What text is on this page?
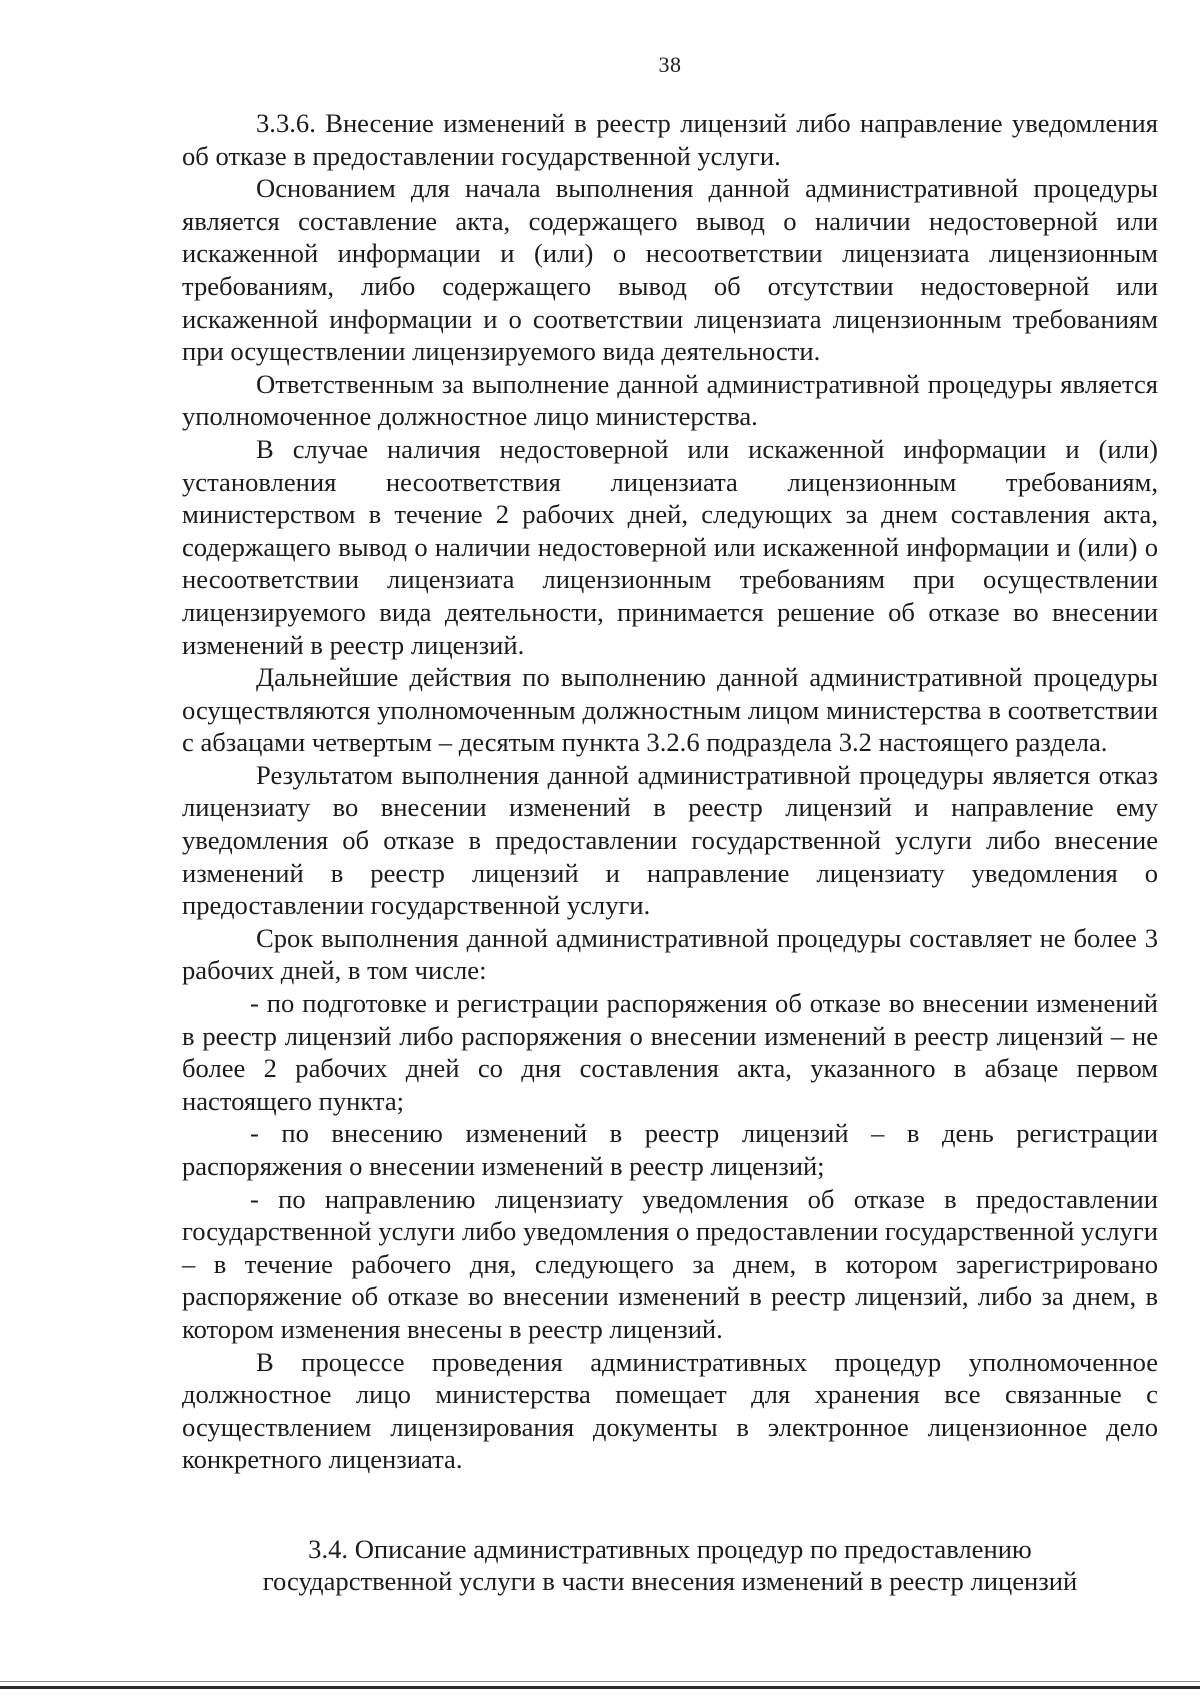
38

3.3.6. Внесение изменений в реестр лицензий либо направление уведомления об отказе в предоставлении государственной услуги.

Основанием для начала выполнения данной административной процедуры является составление акта, содержащего вывод о наличии недостоверной или искаженной информации и (или) о несоответствии лицензиата лицензионным требованиям, либо содержащего вывод об отсутствии недостоверной или искаженной информации и о соответствии лицензиата лицензионным требованиям при осуществлении лицензируемого вида деятельности.

Ответственным за выполнение данной административной процедуры является уполномоченное должностное лицо министерства.

В случае наличия недостоверной или искаженной информации и (или) установления несоответствия лицензиата лицензионным требованиям, министерством в течение 2 рабочих дней, следующих за днем составления акта, содержащего вывод о наличии недостоверной или искаженной информации и (или) о несоответствии лицензиата лицензионным требованиям при осуществлении лицензируемого вида деятельности, принимается решение об отказе во внесении изменений в реестр лицензий.

Дальнейшие действия по выполнению данной административной процедуры осуществляются уполномоченным должностным лицом министерства в соответствии с абзацами четвертым – десятым пункта 3.2.6 подраздела 3.2 настоящего раздела.

Результатом выполнения данной административной процедуры является отказ лицензиату во внесении изменений в реестр лицензий и направление ему уведомления об отказе в предоставлении государственной услуги либо внесение изменений в реестр лицензий и направление лицензиату уведомления о предоставлении государственной услуги.

Срок выполнения данной административной процедуры составляет не более 3 рабочих дней, в том числе:

- по подготовке и регистрации распоряжения об отказе во внесении изменений в реестр лицензий либо распоряжения о внесении изменений в реестр лицензий – не более 2 рабочих дней со дня составления акта, указанного в абзаце первом настоящего пункта;

- по внесению изменений в реестр лицензий – в день регистрации распоряжения о внесении изменений в реестр лицензий;

- по направлению лицензиату уведомления об отказе в предоставлении государственной услуги либо уведомления о предоставлении государственной услуги – в течение рабочего дня, следующего за днем, в котором зарегистрировано распоряжение об отказе во внесении изменений в реестр лицензий, либо за днем, в котором изменения внесены в реестр лицензий.

В процессе проведения административных процедур уполномоченное должностное лицо министерства помещает для хранения все связанные с осуществлением лицензирования документы в электронное лицензионное дело конкретного лицензиата.

3.4. Описание административных процедур по предоставлению
государственной услуги в части внесения изменений в реестр лицензий
